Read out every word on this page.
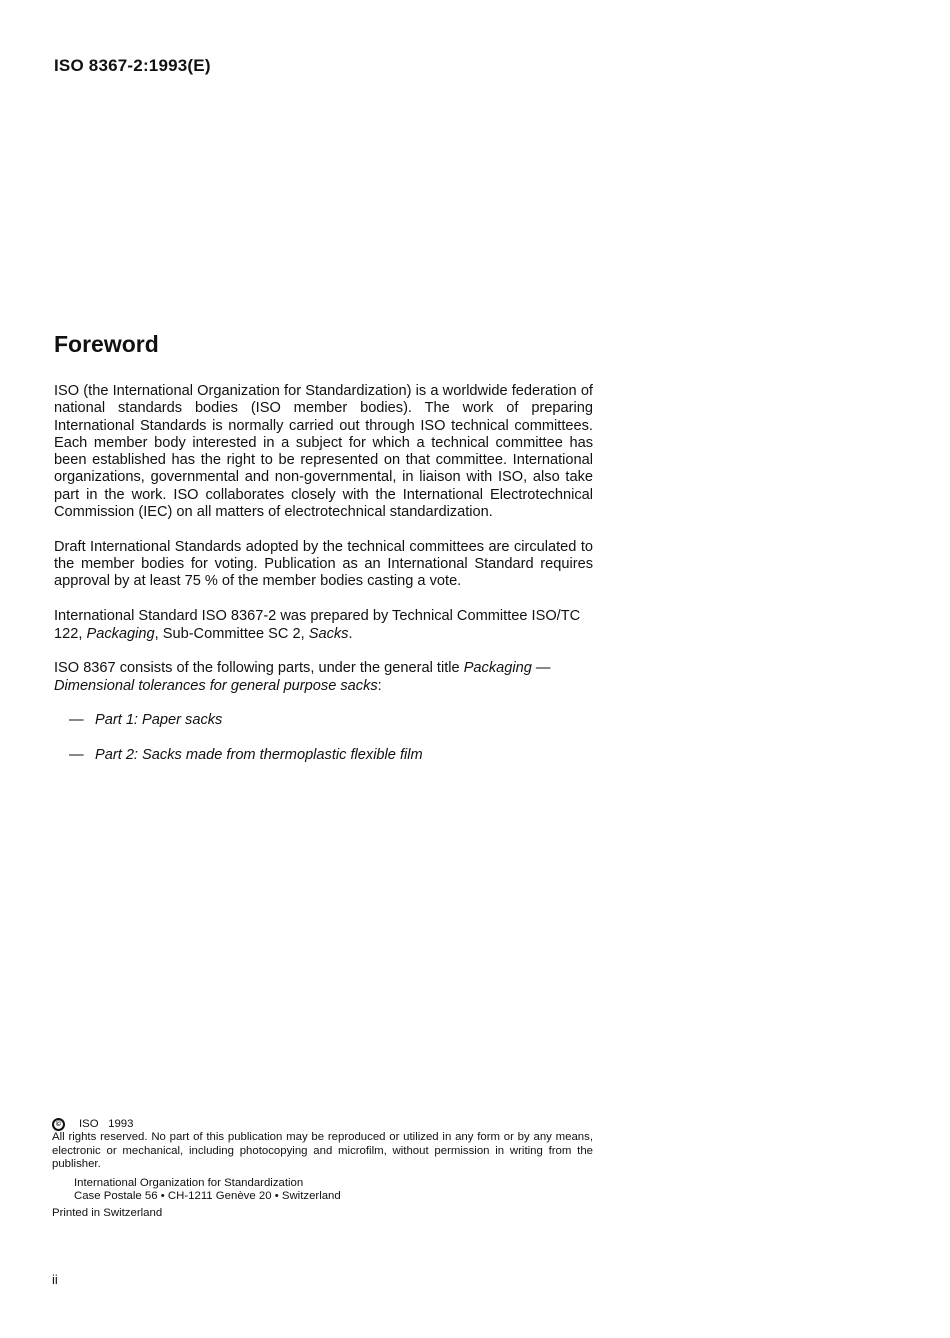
ISO 8367-2:1993(E)
Foreword

ISO (the International Organization for Standardization) is a worldwide federation of national standards bodies (ISO member bodies). The work of preparing International Standards is normally carried out through ISO technical committees. Each member body interested in a subject for which a technical committee has been established has the right to be represented on that committee. International organizations, governmental and non-governmental, in liaison with ISO, also take part in the work. ISO collaborates closely with the International Electrotechnical Commission (IEC) on all matters of electrotechnical standardization.

Draft International Standards adopted by the technical committees are circulated to the member bodies for voting. Publication as an International Standard requires approval by at least 75 % of the member bodies casting a vote.

International Standard ISO 8367-2 was prepared by Technical Committee ISO/TC 122, Packaging, Sub-Committee SC 2, Sacks.

ISO 8367 consists of the following parts, under the general title Packaging — Dimensional tolerances for general purpose sacks:

— Part 1: Paper sacks
— Part 2: Sacks made from thermoplastic flexible film
©	ISO   1993

All rights reserved. No part of this publication may be reproduced or utilized in any form or by any means, electronic or mechanical, including photocopying and microfilm, without permission in writing from the publisher.

International Organization for Standardization
Case Postale 56 • CH-1211 Genève 20 • Switzerland
Printed in Switzerland
ii
